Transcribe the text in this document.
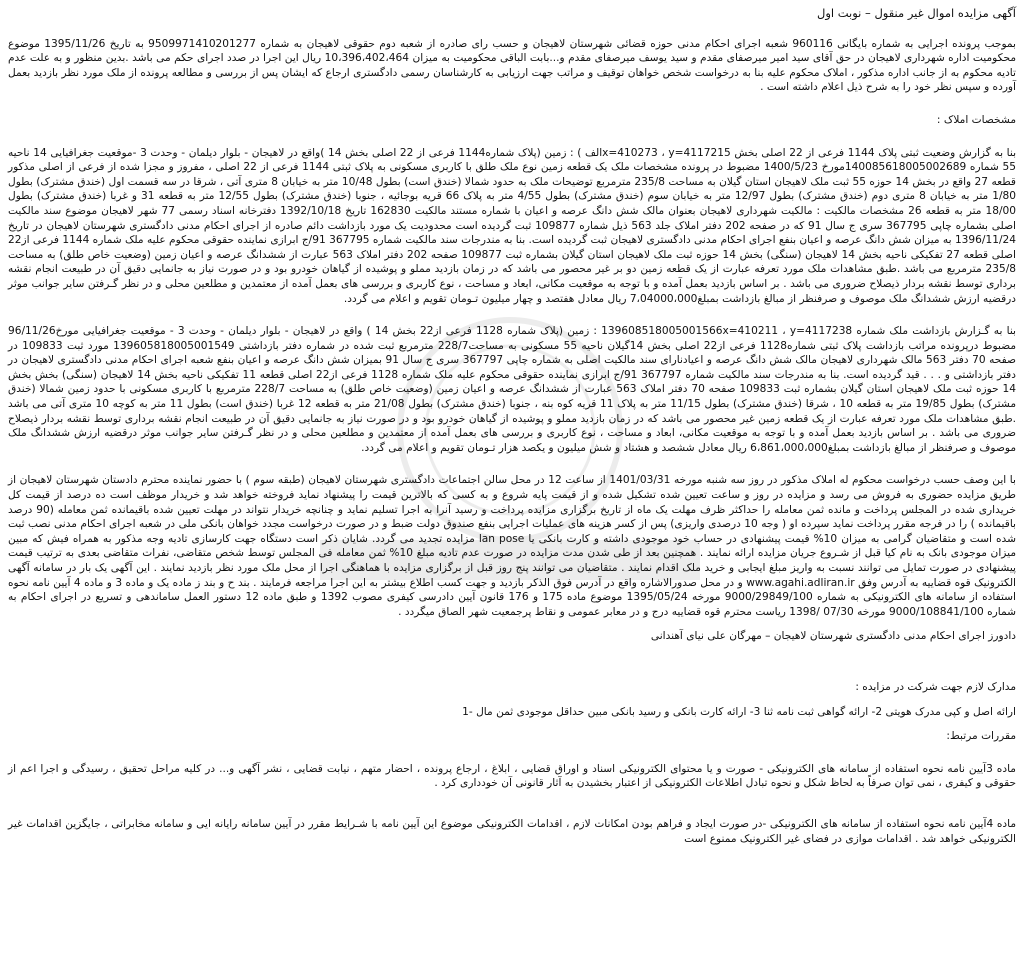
آگهی مزایده اموال غیر منقول – نوبت اول

بموجب پرونده اجرایی به شماره بایگانی 960116 شعبه اجرای احکام مدنی حوزه قضائی شهرستان لاهیجان و حسب رای صادره از شعبه دوم حقوقی لاهیجان به شماره 9509971410201277 به تاریخ 1395/11/26 موضوع محکومیت اداره شهرداری لاهیجان در حق آقای سید امیر میرصفای مقدم و سید یوسف میرصفای مقدم و...بابت الباقی محکومیت به میزان 10،396،402،464 ریال این اجرا در صدد اجرای حکم می باشد .بدین منظور و به علت عدم تادیه محکوم به از جانب اداره مذکور ، املاک محکوم علیه بنا به درخواست شخص خواهان توقیف و مراتب جهت ارزیابی به کارشناسان رسمی دادگستری ارجاع که ایشان پس از بررسی و مطالعه پرونده از ملک مورد نظر بازدید بعمل آورده و سپس نظر خود را به شرح ذیل اعلام داشته است .

مشخصات املاک :

بنا به گزارش وضعیت ثبتی پلاک 1144 فرعی از 22 اصلی بخش x=410273 ، y=4117215الف ) : زمین (پلاک شماره1144 فرعی از 22 اصلی بخش 14 )واقع در لاهیجان - بلوار دیلمان - وحدت 3 -موقعیت جغرافیایی 14 ناحیه 55 شماره 140085618005002689مورخ 1400/5/23 مضبوط در پرونده مشخصات ملک یک قطعه زمین نوع ملک طلق با کاربری مسکونی به پلاک ثبتی 1144 فرعی از 22 اصلی ، مفروز و مجزا شده از فرعی از اصلی مذکور قطعه 27 واقع در بخش 14 حوزه 55 ثبت ملک لاهیجان استان گیلان به مساحت 235/8 مترمربع توضیحات ملک به حدود شمالا (خندق است) بطول 10/48 متر به خیابان 8 متری آتی ، شرقا در سه قسمت اول (خندق مشترک) بطول 1/80 متر به خیابان 8 متری دوم (خندق مشترک) بطول 12/97 متر به خیابان سوم (خندق مشترک) بطول 4/55 متر به پلاک 66 قریه بوجائیه ، جنوبا (خندق مشترک) بطول 12/55 متر به قطعه 31 و غربا (خندق مشترک) بطول 18/00 متر به قطعه 26 مشخصات مالکیت : مالکیت شهرداری لاهیجان بعنوان مالک شش دانگ عرصه و اعیان با شماره مستند مالکیت 162830 تاریخ 1392/10/18 دفترخانه اسناد رسمی 77 شهر لاهیجان موضوع سند مالکیت اصلی بشماره چاپی 367795 سری ج سال 91 که در صفحه 202 دفتر املاک جلد 563 ذیل شماره 109877 ثبت گردیده است محدودیت یک مورد بازداشت دائم صادره از اجرای احکام مدنی دادگستری شهرستان لاهیجان در تاریخ 1396/11/24 به میزان شش دانگ عرصه و اعیان بنفع اجرای احکام مدنی دادگستری لاهیجان ثبت گردیده است. بنا به مندرجات سند مالکیت شماره 367795 91/ج ابرازی نماینده حقوقی محکوم علیه ملک شماره 1144 فرعی از22 اصلی قطعه 27 تفکیکی ناحیه بخش 14 لاهیجان (سنگی) بخش 14 حوزه ثبت ملک لاهیجان استان گیلان بشماره ثبت 109877 صفحه 202 دفتر املاک 563 عبارت از ششدانگ عرصه و اعیان زمین (وضعیت خاص طلق) به مساحت 235/8 مترمربع می باشد .طبق مشاهدات ملک مورد تعرفه عبارت از یک قطعه زمین دو بر غیر محصور می باشد که در زمان بازدید مملو و پوشیده از گیاهان خودرو بود و در صورت نیاز به جانمایی دقیق آن در طبیعت انجام نقشه برداری توسط نقشه بردار ذیصلاح ضروری می باشد . بر اساس بازدید بعمل آمده و با توجه به موقعیت مکانی، ابعاد و مساحت ، نوع کاربری و بررسی های بعمل آمده از معتمدین و مطلعین محلی و در نظر گـرفتن سایر جوانب موثر درقضیه ارزش ششدانگ ملک موصوف و صرفنظر از مبالغ بازداشت بمبلغ7،04000،000 ریال معادل هفتصد و چهار میلیون تـومان تقویم و اعلام می گردد.

بنا به گـزارش بازداشت ملک شماره 139608518005001566x=410211 ، y=4117238 : زمین (پلاک شماره 1128 فرعی از22 بخش 14 ) واقع در لاهیجان - بلوار دیلمان - وحدت 3 - موقعیت جغرافیایی مورخ96/11/26 مضبوط درپرونده مراتب بازداشت پلاک ثبتی شماره1128 فرعی از22 اصلی بخش 14گیلان ناحیه 55 مسکونی به مساحت228/7 مترمربع ثبت شده در شماره دفتر بازداشتی 139605818005001549 مورد ثبت 109833 در صفحه 70 دفتر 563 مالک شهرداری لاهیجان مالک شش دانگ عرصه و اعیادنارای سند مالکیت اصلی به شماره چاپی 367797 سری ج سال 91 بمیزان شش دانگ عرصه و اعیان بنفع شعبه اجرای احکام مدنی دادگستری لاهیجان در دفتر بازداشتی و . . . قید گردیده است. بنا به مندرجات سند مالکیت شماره 367797 91/ج ابرازی نماینده حقوقی محکوم علیه ملک شماره 1128 فرعی از22 اصلی قطعه 11 تفکیکی ناحیه بخش 14 لاهیجان (سنگی) بخش بخش 14 حوزه ثبت ملک لاهیجان استان گیلان بشماره ثبت 109833 صفحه 70 دفتر املاک 563 عبارت از ششدانگ عرصه و اعیان زمین (وضعیت خاص طلق) به مساحت 228/7 مترمربع با کاربری مسکونی با حدود زمین شمالا (خندق مشترک) بطول 19/85 متر به قطعه 10 ، شرقا (خندق مشترک) بطول 11/15 متر به پلاک 11 قریه کوه بنه ، جنوبا (خندق مشترک) بطول 21/08 متر به قطعه 12 غربا (خندق است) بطول 11 متر به کوچه 10 متری آتی می باشد .طبق مشاهدات ملک مورد تعرفه عبارت از یک قطعه زمین غیر محصور می باشد که در زمان بازدید مملو و پوشیده از گیاهان خودرو بود و در صورت نیاز به جانمایی دقیق آن در طبیعت انجام نقشه برداری توسط نقشه بردار ذیصلاح ضروری می باشد . بر اساس بازدید بعمل آمده و با توجه به موقعیت مکانی، ابعاد و مساحت ، نوع کاربری و بررسی های بعمل آمده از معتمدین و مطلعین محلی و در نظر گـرفتن سایر جوانب موثر درقضیه ارزش ششدانگ ملک موصوف و صرفنظر از مبالغ بازداشت بمبلغ6،861،000،000 ریال معادل ششصد و هشتاد و شش میلیون و یکصد هزار تـومان تقویم و اعلام می گردد.

با این وصف حسب درخواست محکوم له املاک مذکور در روز سه شنبه مورخه 1401/03/31 از ساعت 12 در محل سالن اجتماعات دادگستری شهرستان لاهیجان (طبقه سوم ) با حضور نماینده محترم دادستان شهرستان لاهیجان از طریق مزایده حضوری به فروش می رسد و مزایده در روز و ساعت تعیین شده تشکیل شده و از قیمت پایه شروع و به کسی که بالاترین قیمت را پیشنهاد نماید فروخته خواهد شد و خریدار موظف است ده درصد از قیمت کل خریداری شده در المجلس پرداخت و مانده ثمن معامله را حداکثر ظرف مهلت یک ماه از تاریخ برگزاری مزایده پرداخت و رسید آنرا به اجرا تسلیم نماید و چنانچه خریدار نتواند در مهلت تعیین شده باقیمانده ثمن معامله (90 درصد باقیمانده ) را در فرجه مقرر پرداخت نماید سپرده او ( وجه 10 درصدی واریزی) پس از کسر هزینه های عملیات اجرایی بنفع صندوق دولت ضبط و در صورت درخواست مجدد خواهان بانکی ملی در شعبه اجرای احکام مدنی نصب ثبت شده است و متقاضیان گرامی به میزان 10% قیمت پیشنهادی در حساب خود موجودی داشته و کارت بانکی یا lan pose مزایده تجدید می گردد. شایان ذکر است دستگاه جهت کارسازی تادیه وجه مذکور به همراه فیش که مبین میزان موجودی بانک به نام کیا قبل از شـروع جریان مزایده ارائه نمایند . همچنین بعد از طی شدن مدت مزایده در صورت عدم تادیه مبلغ 10% ثمن معامله فی المجلس توسط شخص متقاضی، نفرات متقاضی بعدی به ترتیب قیمت پیشنهادی در صورت تمایل می توانند نسبت به واریز مبلغ ایجابی و خرید ملک اقدام نمایند . متقاضیان می توانند پنج روز قبل از برگزاری مزایده با هماهنگی اجرا از محل ملک مورد نظر بازدید نمایند . این آگهی یک بار در سامانه آگهی الکترونیک قوه قضاییه به آدرس وفق www.agahi.adliran.ir و در محل صدورالاشاره واقع در آدرس فوق الذکر بازدید و جهت کسب اطلاع بیشتر به این اجرا مراجعه فرمایند . بند ح و بند ز ماده یک و ماده 3 و ماده 4 آیین نامه نحوه استفاده از سامانه های الکترونیکی به شماره 9000/29849/100 مورخه 1395/05/24 موضوع ماده 175 و 176 قانون آیین دادرسی کیفری مصوب 1392 و طبق ماده 12 دستور العمل ساماندهی و تسریع در اجرای احکام به شماره 9000/108841/100 مورخه 07/30 /1398 ریاست محترم قوه قضاییه درج و در معابر عمومی و نقاط پرجمعیت شهر الصاق میگردد .

دادورز اجرای احکام مدنی دادگستری شهرستان لاهیجان – مهرگان علی نیای آهندانی

مدارک لازم جهت شرکت در مزایده :

ارائه اصل و کپی مدرک هویتی 2- ارائه گواهی ثبت نامه ثنا 3- ارائه کارت بانکی و رسید بانکی مبین حداقل موجودی ثمن مال -1

مقررات مرتبط:

ماده 3آیین نامه نحوه استفاده از سامانه های الکترونیکی - صورت و یا محتوای الکترونیکی اسناد و اوراق قضایی ، ابلاغ ، ارجاع پرونده ، احضار متهم ، نیابت قضایی ، نشر آگهی و... در کلیه مراحل تحقیق ، رسیدگی و اجرا اعم از حقوقی و کیفری ، نمی توان صرفاً به لحاظ شکل و نحوه تبادل اطلاعات الکترونیکی از اعتبار بخشیدن به آثار قانونی آن خودداری کرد .

ماده 4آیین نامه نحوه استفاده از سامانه های الکترونیکی -در صورت ایجاد و فراهم بودن امکانات لازم ، اقدامات الکترونیکی موضوع این آیین نامه با شـرایط مقرر در آیین سامانه رایانه ایی و سامانه مخابراتی ، جایگزین اقدامات غیر الکترونیکی خواهد شد . اقدامات موازی در فضای غیر الکترونیک ممنوع است
